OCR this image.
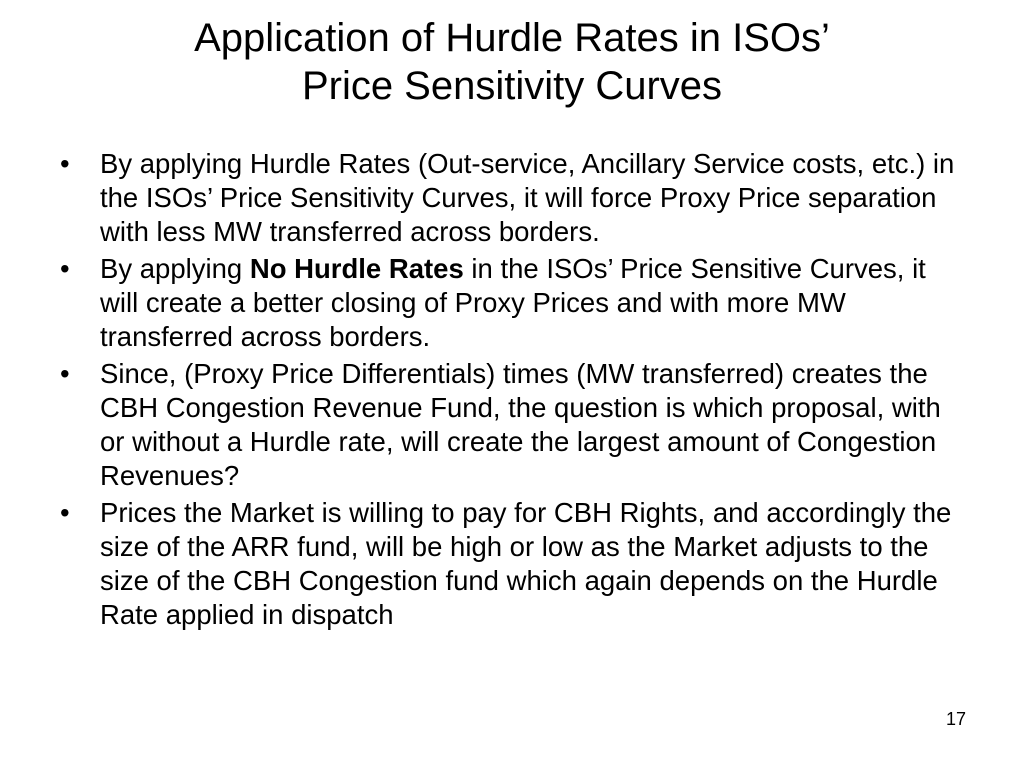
Application of Hurdle Rates in ISOs’
Price Sensitivity Curves
• By applying Hurdle Rates (Out-service, Ancillary Service costs, etc.) in the ISOs’ Price Sensitivity Curves, it will force Proxy Price separation with less MW transferred across borders.
• By applying No Hurdle Rates in the ISOs’ Price Sensitive Curves, it will create a better closing of Proxy Prices and with more MW transferred across borders.
• Since, (Proxy Price Differentials) times (MW transferred) creates the CBH Congestion Revenue Fund, the question is which proposal, with or without a Hurdle rate, will create the largest amount of Congestion Revenues?
• Prices the Market is willing to pay for CBH Rights, and accordingly the size of the ARR fund, will be high or low as the Market adjusts to the size of the CBH Congestion fund which again depends on the Hurdle Rate applied in dispatch
17
